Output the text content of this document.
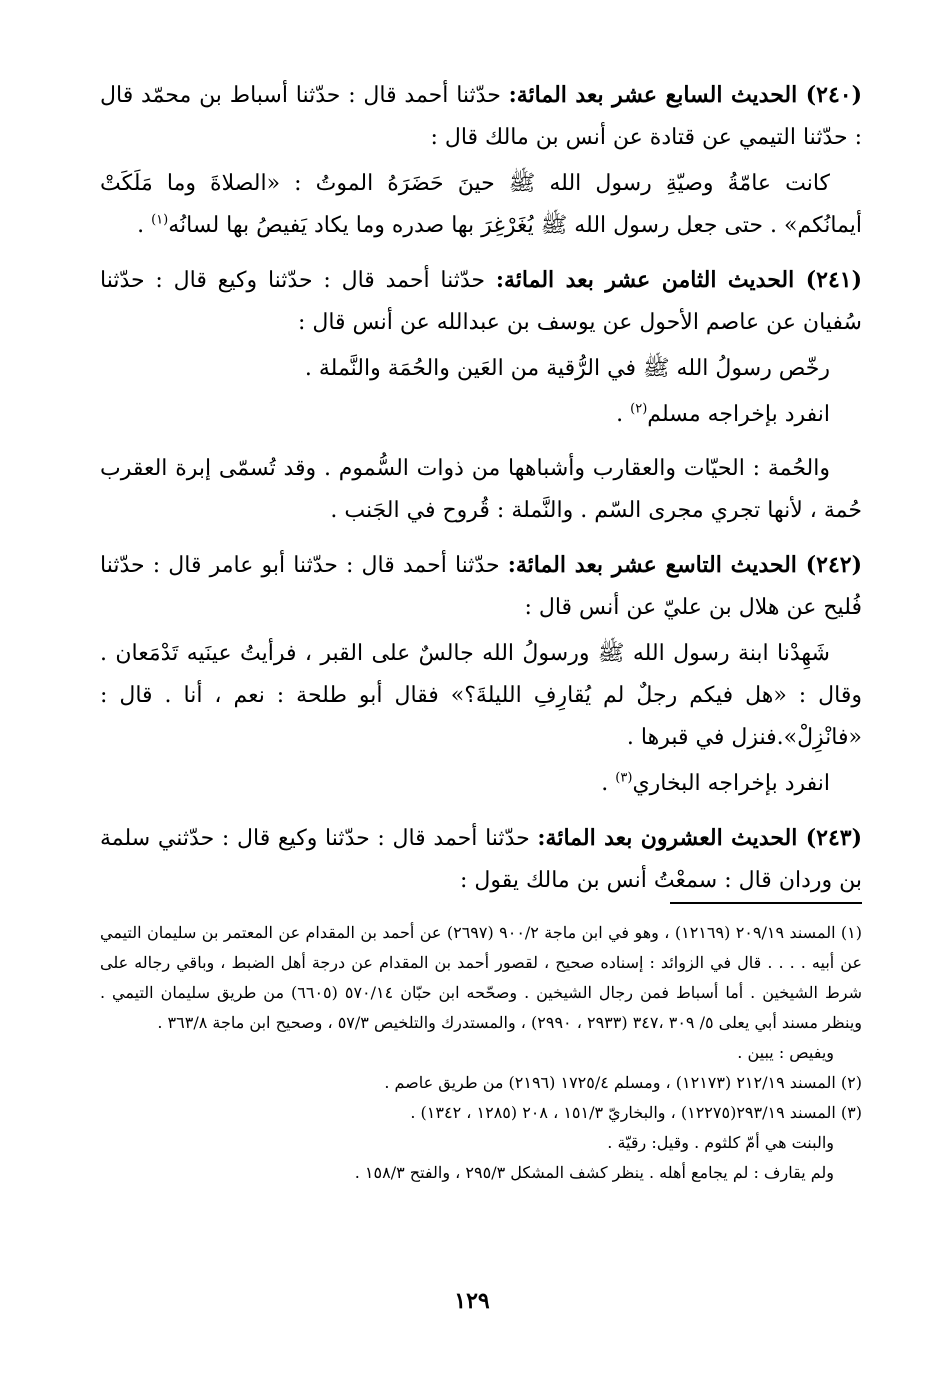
(٢٤٠) الحديث السابع عشر بعد المائة: حدّثنا أحمد قال : حدّثنا أسباط بن محمّد قال : حدّثنا التيمي عن قتادة عن أنس بن مالك قال :

كانت عامّةُ وصيّةِ رسول الله ﷺ حينَ حَضَرَهُ الموتُ : «الصلاةَ وما مَلَكَتْ أيمانُكم» . حتى جعل رسول الله ﷺ يُغَرْغِرَ بها صدره وما يكاد يَفيصُ بها لسانُه$^{(١)}$ .

(٢٤١) الحديث الثامن عشر بعد المائة: حدّثنا أحمد قال : حدّثنا وكيع قال : حدّثنا سُفيان عن عاصم الأحول عن يوسف بن عبدالله عن أنس قال :

رخّص رسولُ الله ﷺ في الرُّقية من العَين والحُمَة والنَّملة .

انفرد بإخراجه مسلم$^{(٢)}$ .

والحُمة : الحيّات والعقارب وأشباهها من ذوات السُّموم . وقد تُسمّى إبرة العقرب حُمة ، لأنها تجري مجرى السّم . والنَّملة : قُروح في الجَنب .

(٢٤٢) الحديث التاسع عشر بعد المائة: حدّثنا أحمد قال : حدّثنا أبو عامر قال : حدّثنا فُليح عن هلال بن عليّ عن أنس قال :

شَهِدْنا ابنة رسول الله ﷺ ورسولُ الله جالسٌ على القبر ، فرأيتُ عينَيه تَدْمَعان . وقال : «هل فيكم رجلٌ لم يُقارِفِ الليلةَ؟» فقال أبو طلحة : نعم ، أنا . قال : «فانْزِلْ».فنزل في قبرها .

انفرد بإخراجه البخاري$^{(٣)}$ .

(٢٤٣) الحديث العشرون بعد المائة: حدّثنا أحمد قال : حدّثنا وكيع قال : حدّثني سلمة بن وردان قال : سمعْتُ أنس بن مالك يقول :

(١) المسند ٢٠٩/١٩ (١٢١٦٩) ، وهو في ابن ماجة ٩٠٠/٢ (٢٦٩٧) عن أحمد بن المقدام عن المعتمر بن سليمان التيمي عن أبيه . . . . قال في الزوائد : إسناده صحيح ، لقصور أحمد بن المقدام عن درجة أهل الضبط ، وباقي رجاله على شرط الشيخين . أما أسباط فمن رجال الشيخين . وصحّحه ابن حبّان ٥٧٠/١٤ (٦٦٠٥) من طريق سليمان التيمي . وينظر مسند أبي يعلى ٥/ ٣٠٩ ،٣٤٧ (٢٩٣٣ ، ٢٩٩٠) ، والمستدرك والتلخيص ٥٧/٣ ، وصحيح ابن ماجة ٣٦٣/٨ .

ويفيص : يبين .

(٢) المسند ٢١٢/١٩ (١٢١٧٣) ، ومسلم ١٧٢٥/٤ (٢١٩٦) من طريق عاصم .

(٣) المسند ٢٩٣/١٩(١٢٢٧٥) ، والبخاريّ ١٥١/٣ ، ٢٠٨ (١٢٨٥ ، ١٣٤٢) .

والبنت هي أمّ كلثوم . وقيل: رقيّة .

ولم يقارف : لم يجامع أهله . ينظر كشف المشكل ٢٩٥/٣ ، والفتح ١٥٨/٣ .

١٢٩
